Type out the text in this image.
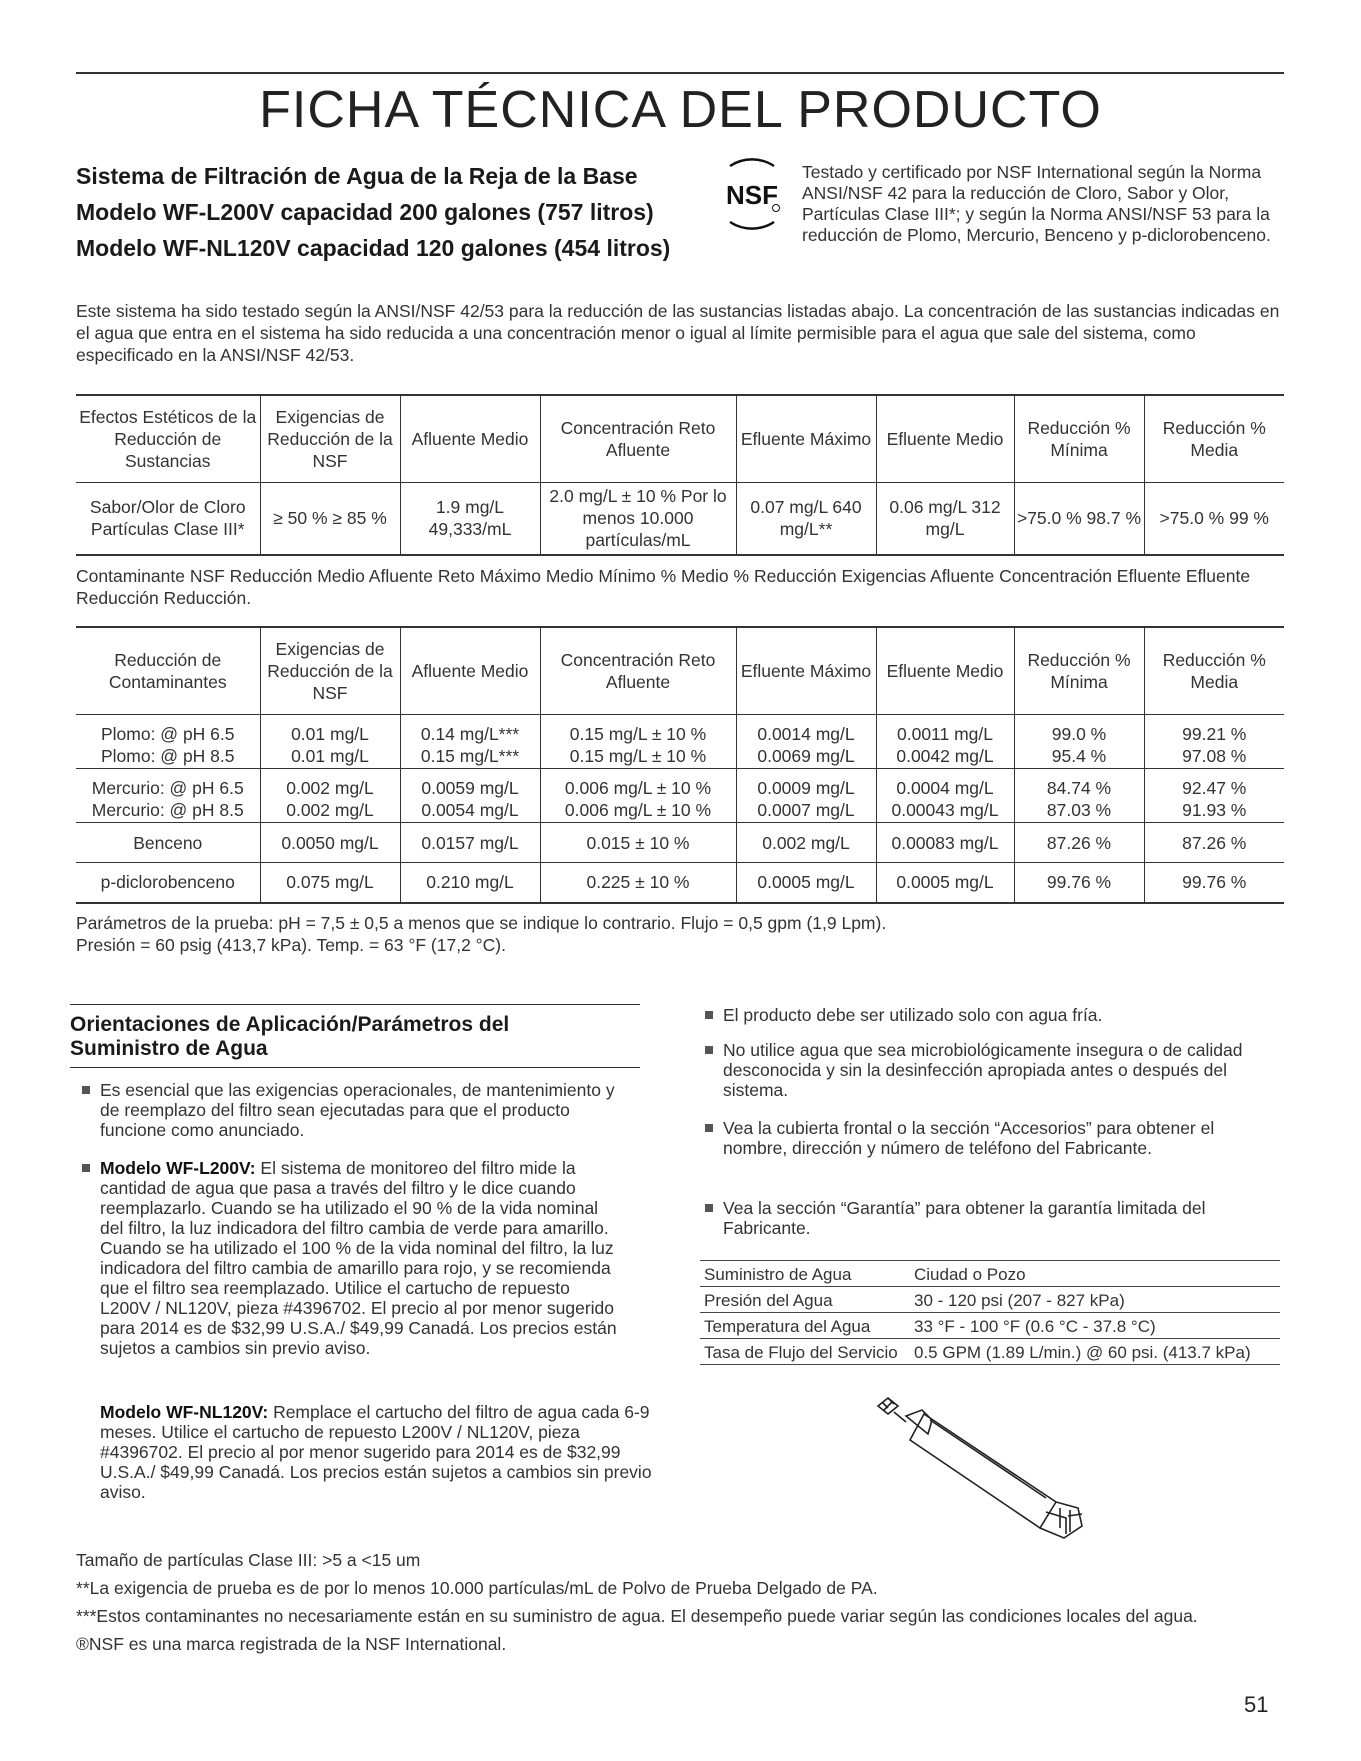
FICHA TÉCNICA DEL PRODUCTO
Sistema de Filtración de Agua de la Reja de la Base
Modelo WF-L200V capacidad 200 galones (757 litros)
Modelo WF-NL120V capacidad 120 galones (454 litros)
NSF
Testado y certificado por NSF International según la Norma ANSI/NSF 42 para la reducción de Cloro, Sabor y Olor, Partículas Clase III*; y según la Norma ANSI/NSF 53 para la reducción de Plomo, Mercurio, Benceno y p-diclorobenceno.
Este sistema ha sido testado según la ANSI/NSF 42/53 para la reducción de las sustancias listadas abajo. La concentración de las sustancias indicadas en el agua que entra en el sistema ha sido reducida a una concentración menor o igual al límite permisible para el agua que sale del sistema, como especificado en la ANSI/NSF 42/53.
Efectos Estéticos de la Reducción de Sustancias	Exigencias de Reducción de la NSF	Afluente Medio	Concentración Reto Afluente	Efluente Máximo	Efluente Medio	Reducción % Mínima	Reducción % Media
Sabor/Olor de Cloro Partículas Clase III*	≥ 50 % ≥ 85 %	1.9 mg/L 49,333/mL	2.0 mg/L ± 10 % Por lo menos 10.000 partículas/mL	0.07 mg/L 640 mg/L**	0.06 mg/L 312 mg/L	>75.0 % 98.7 %	>75.0 % 99 %
Contaminante NSF Reducción Medio Afluente Reto Máximo Medio Mínimo % Medio % Reducción Exigencias Afluente Concentración Efluente Efluente Reducción Reducción.
Reducción de Contaminantes	Exigencias de Reducción de la NSF	Afluente Medio	Concentración Reto Afluente	Efluente Máximo	Efluente Medio	Reducción % Mínima	Reducción % Media
Plomo: @ pH 6.5	0.01 mg/L	0.14 mg/L***	0.15 mg/L ± 10 %	0.0014 mg/L	0.0011 mg/L	99.0 %	99.21 %
Plomo: @ pH 8.5	0.01 mg/L	0.15 mg/L***	0.15 mg/L ± 10 %	0.0069 mg/L	0.0042 mg/L	95.4 %	97.08 %
Mercurio: @ pH 6.5	0.002 mg/L	0.0059 mg/L	0.006 mg/L ± 10 %	0.0009 mg/L	0.0004 mg/L	84.74 %	92.47 %
Mercurio: @ pH 8.5	0.002 mg/L	0.0054 mg/L	0.006 mg/L ± 10 %	0.0007 mg/L	0.00043 mg/L	87.03 %	91.93 %
Benceno	0.0050 mg/L	0.0157 mg/L	0.015 ± 10 %	0.002 mg/L	0.00083 mg/L	87.26 %	87.26 %
p-diclorobenceno	0.075 mg/L	0.210 mg/L	0.225 ± 10 %	0.0005 mg/L	0.0005 mg/L	99.76 %	99.76 %
Parámetros de la prueba: pH = 7,5 ± 0,5 a menos que se indique lo contrario. Flujo = 0,5 gpm (1,9 Lpm).
Presión = 60 psig (413,7 kPa). Temp. = 63 °F (17,2 °C).
Orientaciones de Aplicación/Parámetros del
Suministro de Agua
Es esencial que las exigencias operacionales, de mantenimiento y de reemplazo del filtro sean ejecutadas para que el producto funcione como anunciado.
Modelo WF-L200V: El sistema de monitoreo del filtro mide la cantidad de agua que pasa a través del filtro y le dice cuando reemplazarlo. Cuando se ha utilizado el 90 % de la vida nominal del filtro, la luz indicadora del filtro cambia de verde para amarillo. Cuando se ha utilizado el 100 % de la vida nominal del filtro, la luz indicadora del filtro cambia de amarillo para rojo, y se recomienda que el filtro sea reemplazado. Utilice el cartucho de repuesto L200V / NL120V, pieza #4396702. El precio al por menor sugerido para 2014 es de $32,99 U.S.A./ $49,99 Canadá. Los precios están sujetos a cambios sin previo aviso.
Modelo WF-NL120V: Remplace el cartucho del filtro de agua cada 6-9 meses. Utilice el cartucho de repuesto L200V / NL120V, pieza #4396702. El precio al por menor sugerido para 2014 es de $32,99 U.S.A./ $49,99 Canadá. Los precios están sujetos a cambios sin previo aviso.
El producto debe ser utilizado solo con agua fría.
No utilice agua que sea microbiológicamente insegura o de calidad desconocida y sin la desinfección apropiada antes o después del sistema.
Vea la cubierta frontal o la sección “Accesorios” para obtener el nombre, dirección y número de teléfono del Fabricante.
Vea la sección “Garantía” para obtener la garantía limitada del Fabricante.
Suministro de Agua	Ciudad o Pozo
Presión del Agua	30 - 120 psi (207 - 827 kPa)
Temperatura del Agua	33 °F - 100 °F (0.6 °C - 37.8 °C)
Tasa de Flujo del Servicio	0.5 GPM (1.89 L/min.) @ 60 psi. (413.7 kPa)

Tamaño de partículas Clase III: >5 a <15 um

**La exigencia de prueba es de por lo menos 10.000 partículas/mL de Polvo de Prueba Delgado de PA.

***Estos contaminantes no necesariamente están en su suministro de agua. El desempeño puede variar según las condiciones locales del agua.

®NSF es una marca registrada de la NSF International.

51
